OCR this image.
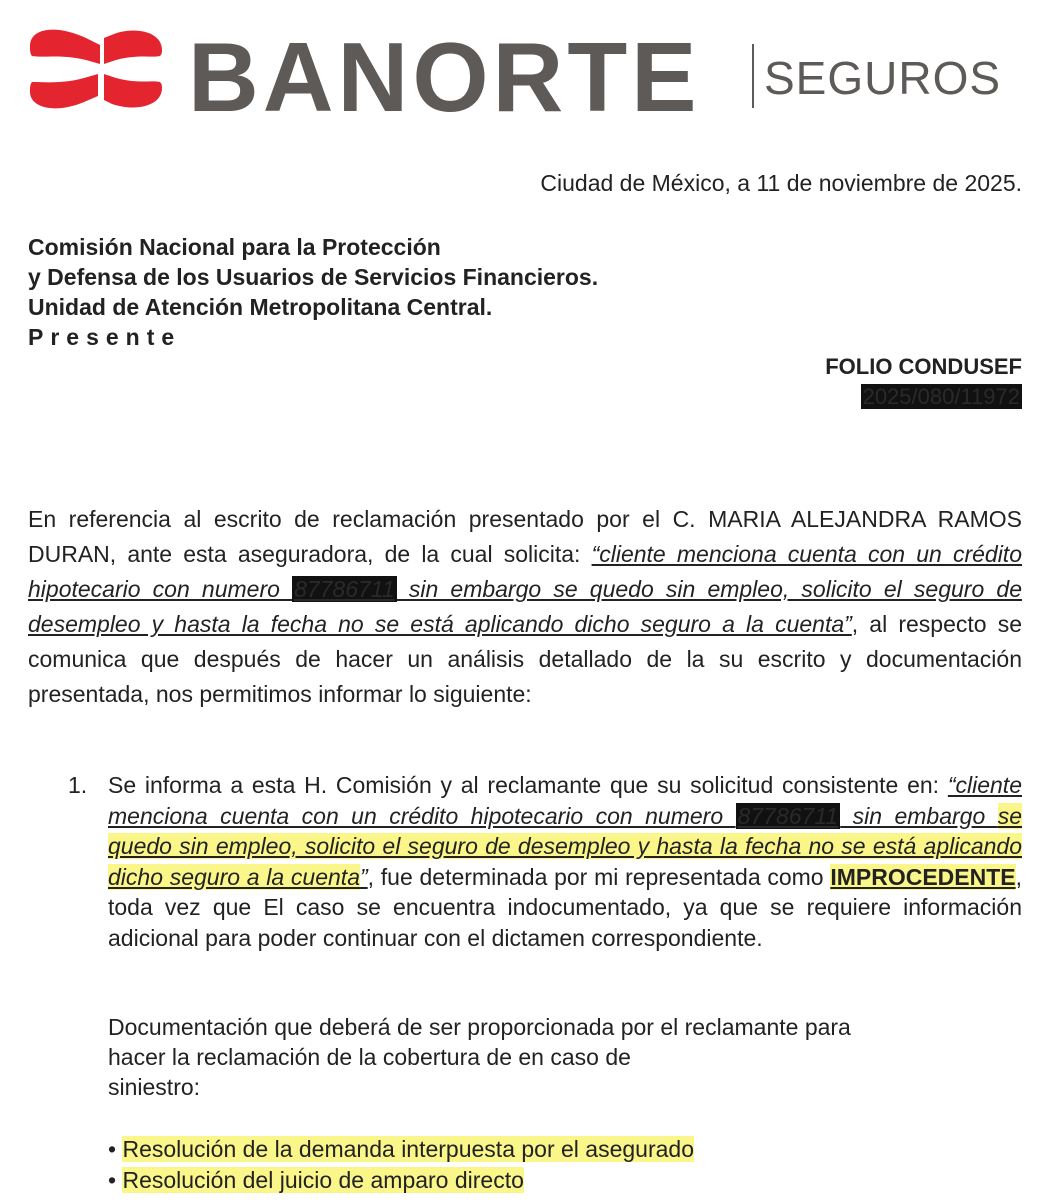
BANORTE SEGUROS
Ciudad de México, a 11 de noviembre de 2025.
Comisión Nacional para la Protección
y Defensa de los Usuarios de Servicios Financieros.
Unidad de Atención Metropolitana Central.
Presente
FOLIO CONDUSEF
2025/080/11972
En referencia al escrito de reclamación presentado por el C. MARIA ALEJANDRA RAMOS DURAN, ante esta aseguradora, de la cual solicita: “cliente menciona cuenta con un crédito hipotecario con numero 87786711 sin embargo se quedo sin empleo, solicito el seguro de desempleo y hasta la fecha no se está aplicando dicho seguro a la cuenta”, al respecto se comunica que después de hacer un análisis detallado de la su escrito y documentación presentada, nos permitimos informar lo siguiente:
1. Se informa a esta H. Comisión y al reclamante que su solicitud consistente en: “cliente menciona cuenta con un crédito hipotecario con numero 87786711 sin embargo se quedo sin empleo, solicito el seguro de desempleo y hasta la fecha no se está aplicando dicho seguro a la cuenta”, fue determinada por mi representada como IMPROCEDENTE, toda vez que El caso se encuentra indocumentado, ya que se requiere información adicional para poder continuar con el dictamen correspondiente.
Documentación que deberá de ser proporcionada por el reclamante para
hacer la reclamación de la cobertura de en caso de
siniestro:
• Resolución de la demanda interpuesta por el asegurado
• Resolución del juicio de amparo directo
